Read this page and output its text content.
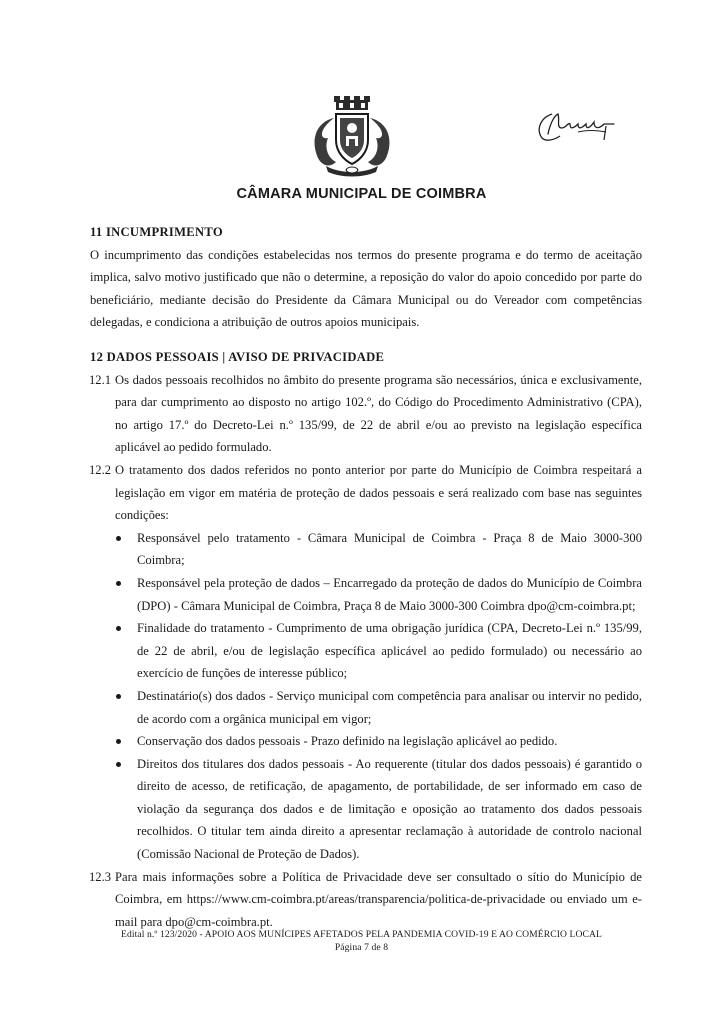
CÂMARA MUNICIPAL DE COIMBRA
11 INCUMPRIMENTO

O incumprimento das condições estabelecidas nos termos do presente programa e do termo de aceitação implica, salvo motivo justificado que não o determine, a reposição do valor do apoio concedido por parte do beneficiário, mediante decisão do Presidente da Câmara Municipal ou do Vereador com competências delegadas, e condiciona a atribuição de outros apoios municipais.

12 DADOS PESSOAIS | AVISO DE PRIVACIDADE
12.1 Os dados pessoais recolhidos no âmbito do presente programa são necessários, única e exclusivamente, para dar cumprimento ao disposto no artigo 102.º, do Código do Procedimento Administrativo (CPA), no artigo 17.º do Decreto-Lei n.º 135/99, de 22 de abril e/ou ao previsto na legislação específica aplicável ao pedido formulado.
12.2 O tratamento dos dados referidos no ponto anterior por parte do Município de Coimbra respeitará a legislação em vigor em matéria de proteção de dados pessoais e será realizado com base nas seguintes condições:
Responsável pelo tratamento - Câmara Municipal de Coimbra - Praça 8 de Maio 3000-300 Coimbra;
Responsável pela proteção de dados – Encarregado da proteção de dados do Município de Coimbra (DPO) - Câmara Municipal de Coimbra, Praça 8 de Maio 3000-300 Coimbra dpo@cm-coimbra.pt;
Finalidade do tratamento - Cumprimento de uma obrigação jurídica (CPA, Decreto-Lei n.º 135/99, de 22 de abril, e/ou de legislação específica aplicável ao pedido formulado) ou necessário ao exercício de funções de interesse público;
Destinatário(s) dos dados - Serviço municipal com competência para analisar ou intervir no pedido, de acordo com a orgânica municipal em vigor;
Conservação dos dados pessoais - Prazo definido na legislação aplicável ao pedido.
Direitos dos titulares dos dados pessoais - Ao requerente (titular dos dados pessoais) é garantido o direito de acesso, de retificação, de apagamento, de portabilidade, de ser informado em caso de violação da segurança dos dados e de limitação e oposição ao tratamento dos dados pessoais recolhidos. O titular tem ainda direito a apresentar reclamação à autoridade de controlo nacional (Comissão Nacional de Proteção de Dados).
12.3 Para mais informações sobre a Política de Privacidade deve ser consultado o sítio do Município de Coimbra, em https://www.cm-coimbra.pt/areas/transparencia/politica-de-privacidade ou enviado um e-mail para dpo@cm-coimbra.pt.
Edital n.º 123/2020 - APOIO AOS MUNÍCIPES AFETADOS PELA PANDEMIA COVID-19 E AO COMÉRCIO LOCAL
Página 7 de 8
